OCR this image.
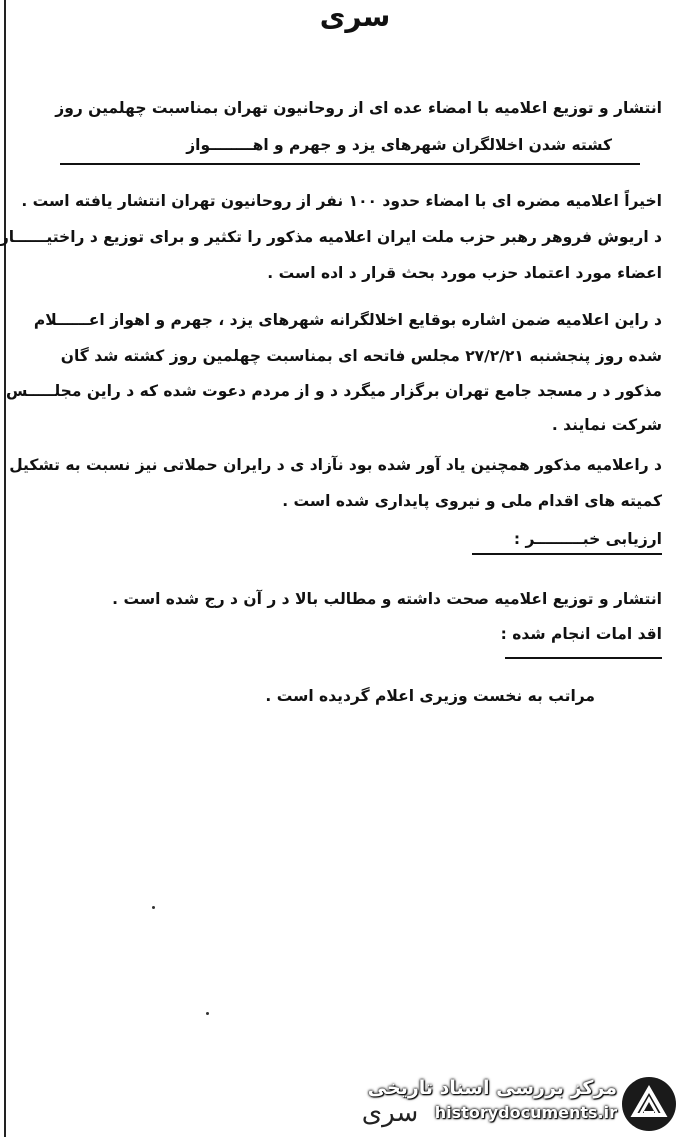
سری
انتشار و توزیع اعلامیه با امضاء عده ای از روحانیون تهران بمناسبت چهلمین روز
کشته شدن اخلالگران شهرهای یزد و جهرم و اهــــــــواز
اخیراً اعلامیه مضره ای با امضاء حدود ۱۰۰ نفر از روحانیون تهران انتشار یافته است .
د اریوش فروهر رهبر حزب ملت ایران اعلامیه مذکور را تکثیر و برای توزیع د راختیــــــار
اعضاء مورد اعتماد حزب مورد بحث قرار د اده است .
د راین اعلامیه ضمن اشاره بوقایع اخلالگرانه شهرهای یزد ، جهرم و اهواز اعــــــلام
شده روز پنجشنبه ۲۷/۲/۲۱ مجلس فاتحه ای بمناسبت چهلمین روز کشته شد گان
مذکور د ر مسجد جامع تهران برگزار میگرد د و از مردم دعوت شده که د راین مجلـــــس
شرکت نمایند .
د راعلامیه مذکور همچنین یاد آور شده بود نآزاد ی د رایران حملاتی نیز نسبت به تشکیل
کمیته های اقدام ملی و نیروی پایداری شده است .
ارزیابی خبـــــــــر :
انتشار و توزیع اعلامیه صحت داشته و مطالب بالا د ر آن د رج شده است .
اقد امات انجام شده :
مراتب به نخست وزیری اعلام گردیده است .
سری
مرکز بررسی اسناد تاریخی
historydocuments.ir
